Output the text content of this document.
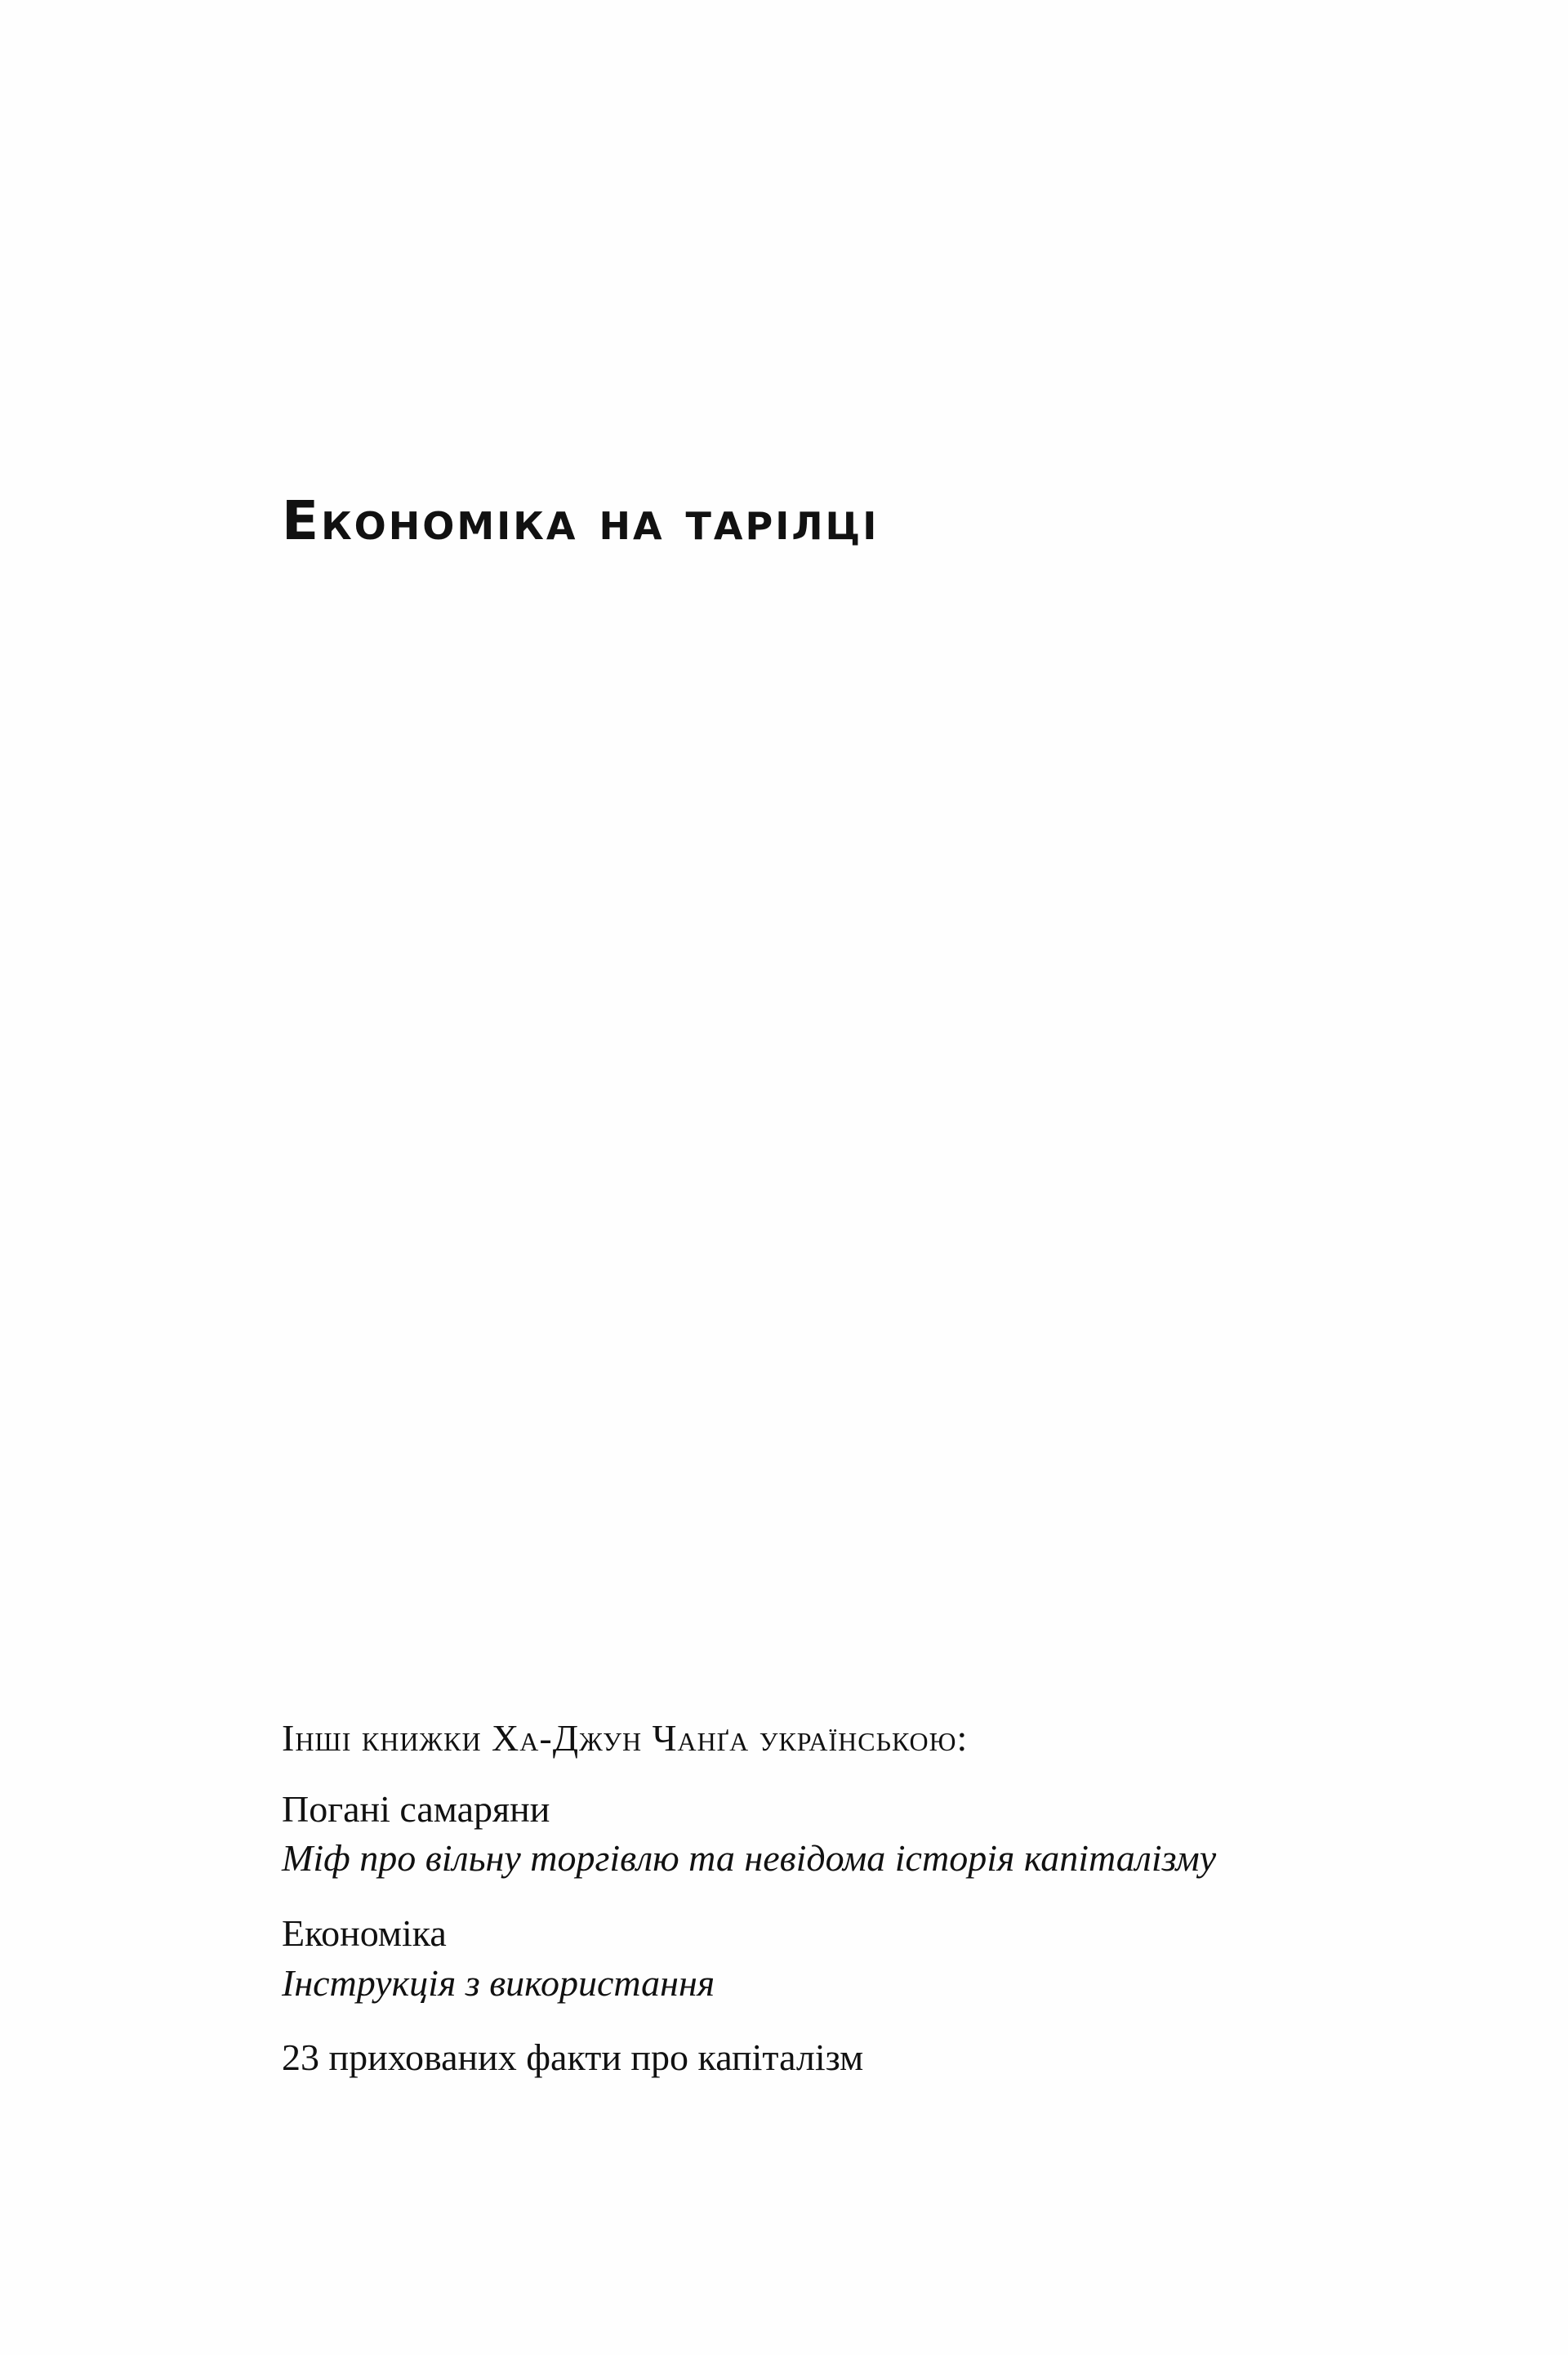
Економіка на тарілці
Інші книжки Ха-Джун Чанґа українською:
Погані самаряни
Міф про вільну торгівлю та невідома історія капіталізму
Економіка
Інструкція з використання
23 прихованих факти про капіталізм
